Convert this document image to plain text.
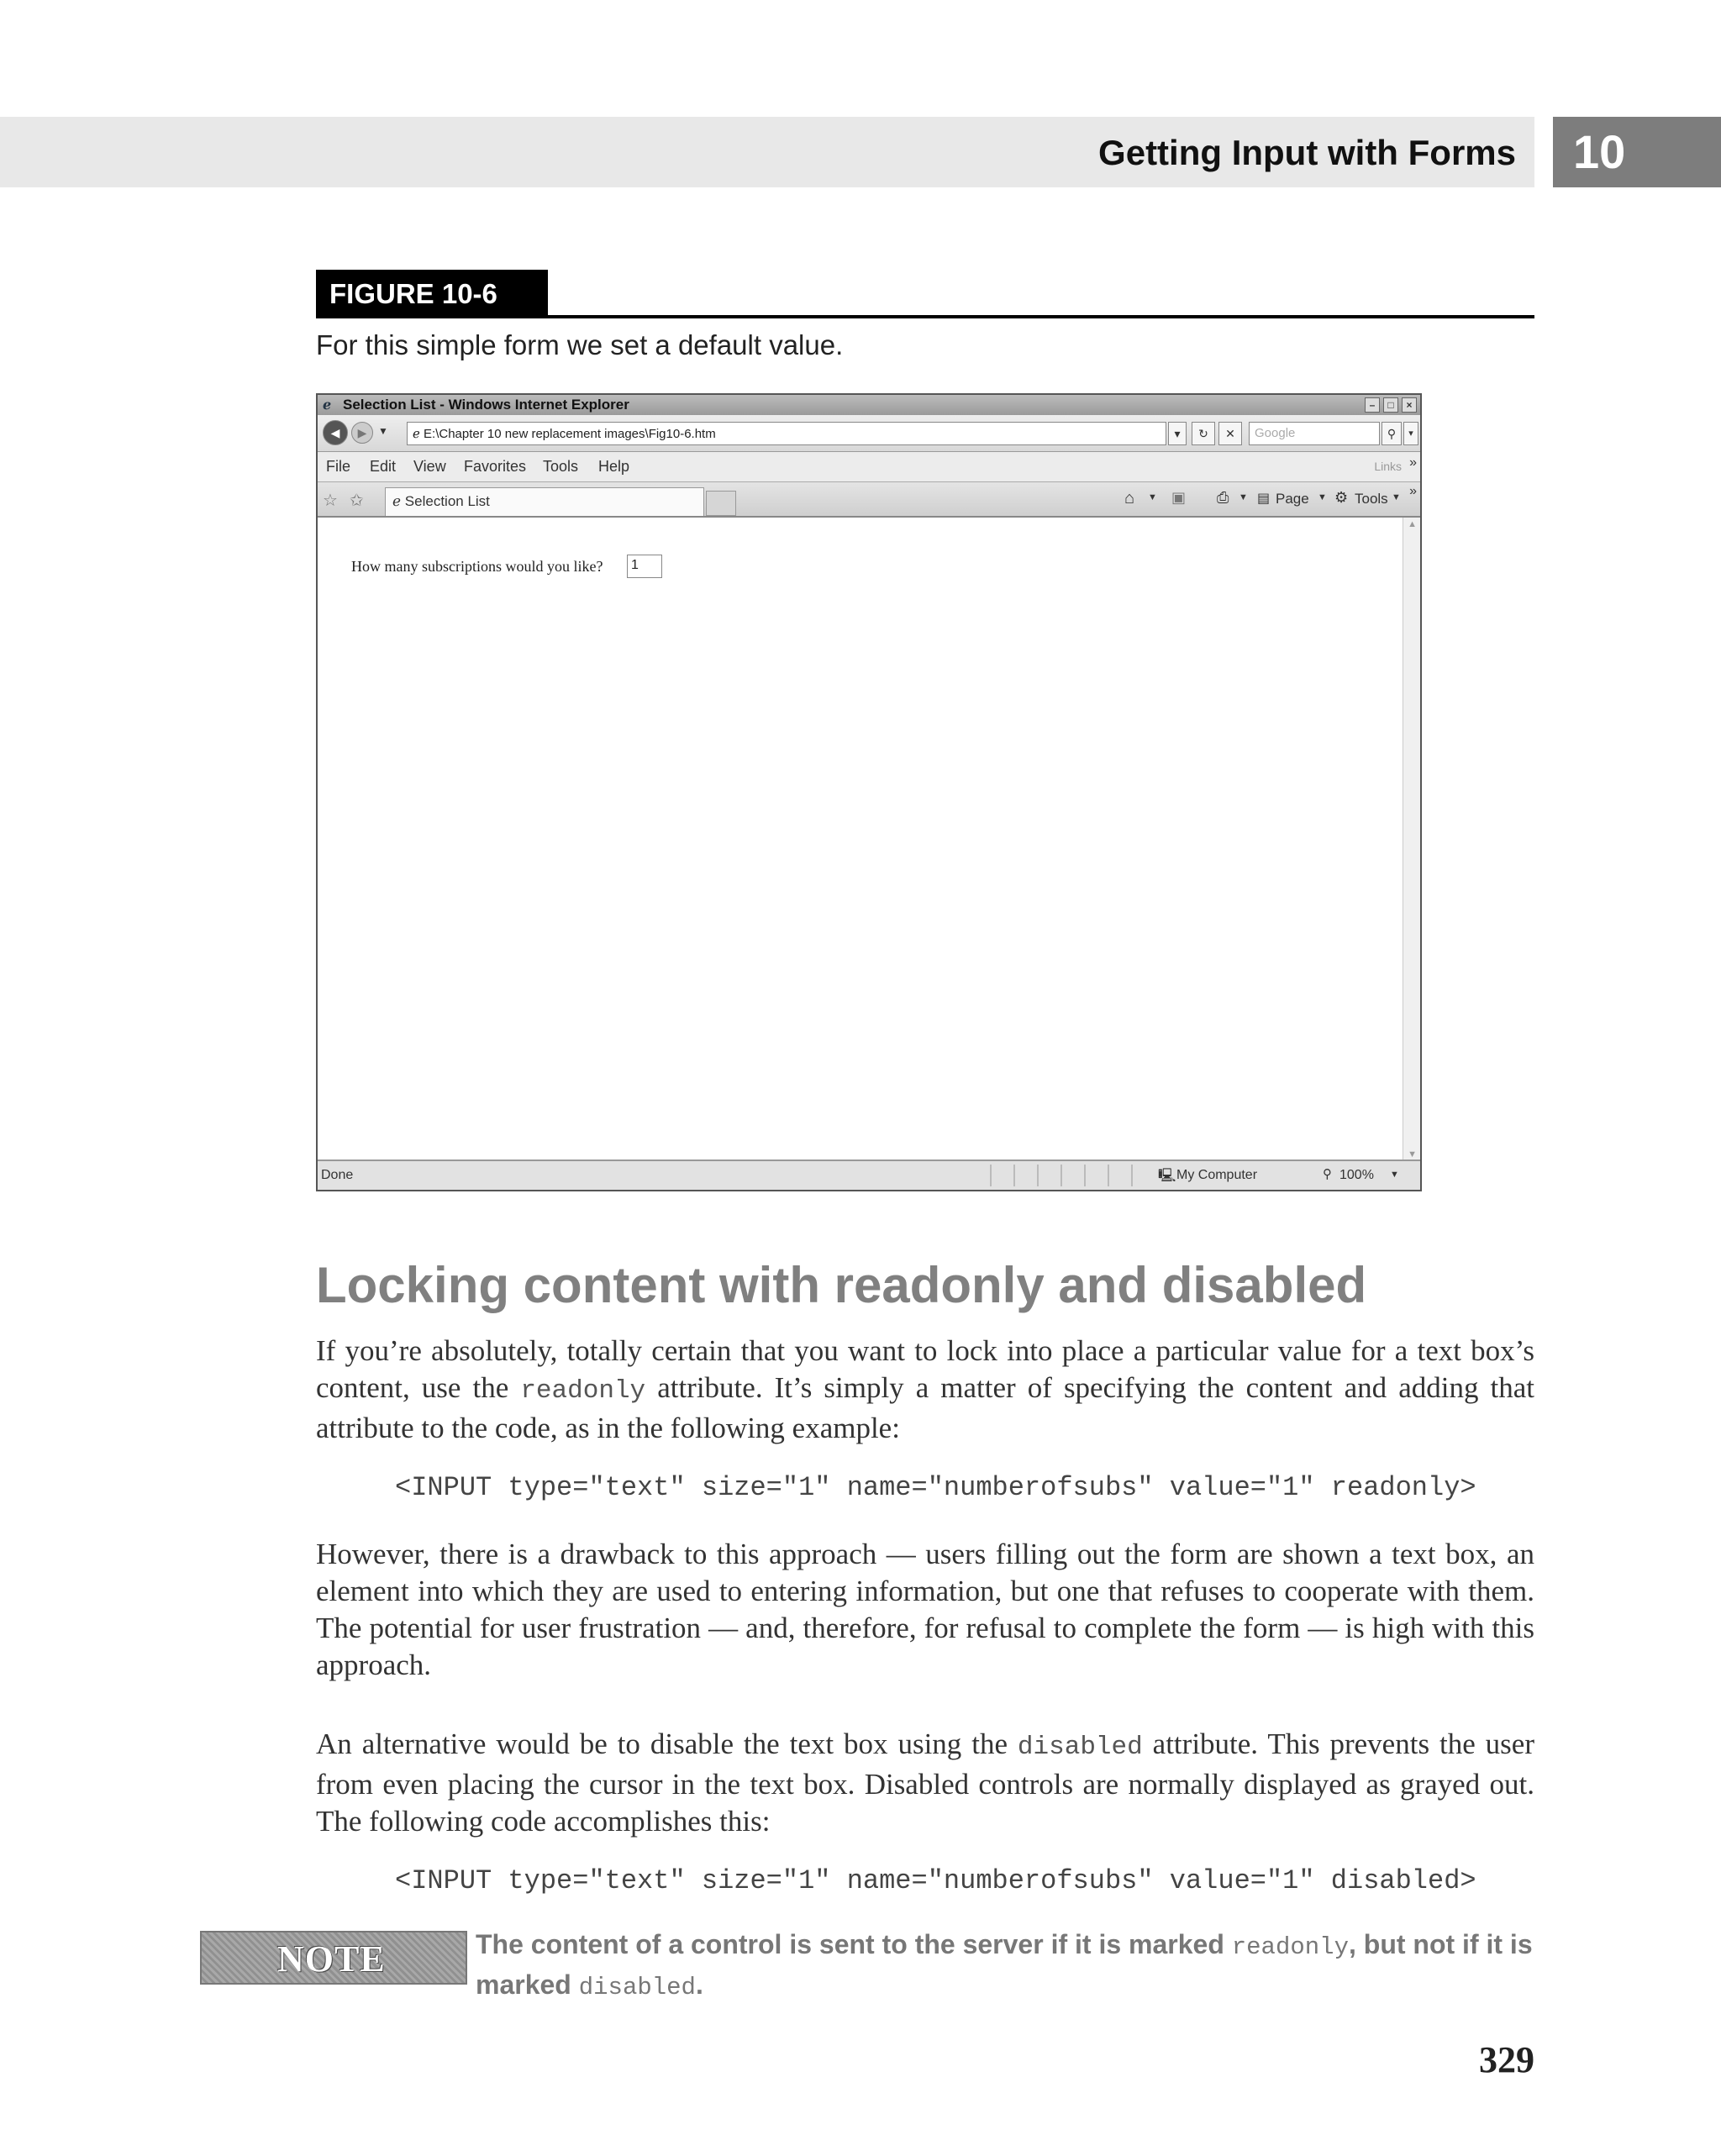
Getting Input with Forms 10
FIGURE 10-6
For this simple form we set a default value.
ℯ Selection List - Windows Internet Explorer	–	□	×
◀	▶	▼	ℯ E:\Chapter 10 new replacement images\Fig10-6.htm	▾	↻	✕	Google	⚲	▾
File Edit View Favorites Tools Help	Links »
☆ ✩	ℯ Selection List	⌂ ▼ ▣ ⎙ ▼ ▤ Page ▼ ⚙ Tools ▼ »
How many subscriptions would you like?	1
▲
▼
Done	🖳 My Computer	⚲ 100% ▼
Locking content with readonly and disabled

If you’re absolutely, totally certain that you want to lock into place a particular value for a text box’s content, use the readonly attribute. It’s simply a matter of specifying the content and adding that attribute to the code, as in the following example:

<INPUT type="text" size="1" name="numberofsubs" value="1" readonly>

However, there is a drawback to this approach — users filling out the form are shown a text box, an element into which they are used to entering information, but one that refuses to cooperate with them. The potential for user frustration — and, therefore, for refusal to complete the form — is high with this approach.

An alternative would be to disable the text box using the disabled attribute. This prevents the user from even placing the cursor in the text box. Disabled controls are normally displayed as grayed out. The following code accomplishes this:

<INPUT type="text" size="1" name="numberofsubs" value="1" disabled>
NOTE	The content of a control is sent to the server if it is marked readonly, but not if it is marked disabled.

329
